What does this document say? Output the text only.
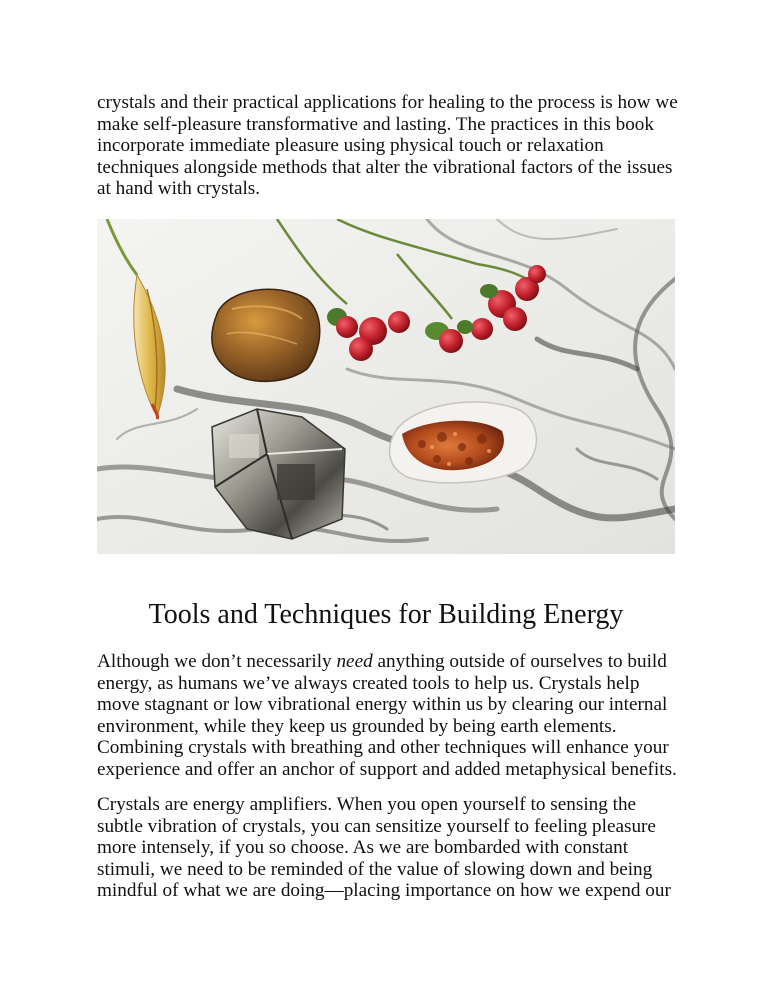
crystals and their practical applications for healing to the process is how we
make self-pleasure transformative and lasting. The practices in this book
incorporate immediate pleasure using physical touch or relaxation
techniques alongside methods that alter the vibrational factors of the issues
at hand with crystals.

Tools and Techniques for Building Energy

Although we don’t necessarily need anything outside of ourselves to build
energy, as humans we’ve always created tools to help us. Crystals help
move stagnant or low vibrational energy within us by clearing our internal
environment, while they keep us grounded by being earth elements.
Combining crystals with breathing and other techniques will enhance your
experience and offer an anchor of support and added metaphysical benefits.

Crystals are energy amplifiers. When you open yourself to sensing the
subtle vibration of crystals, you can sensitize yourself to feeling pleasure
more intensely, if you so choose. As we are bombarded with constant
stimuli, we need to be reminded of the value of slowing down and being
mindful of what we are doing—placing importance on how we expend our
